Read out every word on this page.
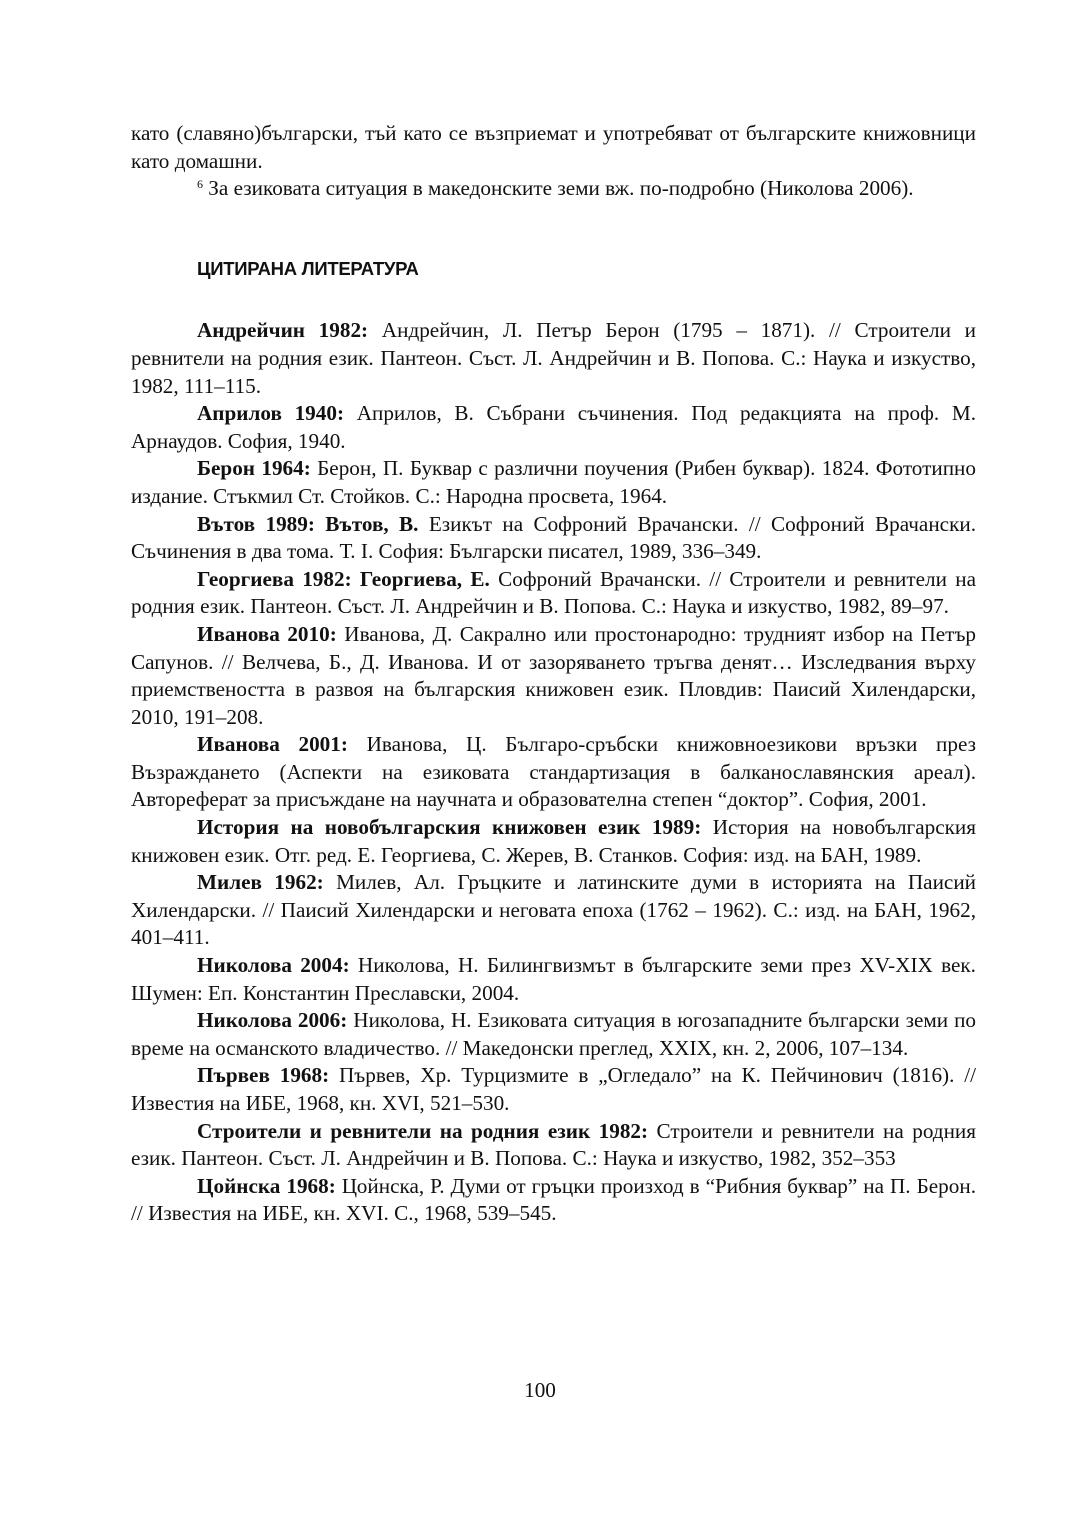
като (славяно)български, тъй като се възприемат и употребяват от българските книжовници като домашни.

$^6$ За езиковата ситуация в македонските земи вж. по-подробно (Николова 2006).

ЦИТИРАНА ЛИТЕРАТУРА

Андрейчин 1982: Андрейчин, Л. Петър Берон (1795 – 1871). // Строители и ревнители на родния език. Пантеон. Съст. Л. Андрейчин и В. Попова. С.: Наука и изкуство, 1982, 111–115.

Априлов 1940: Априлов, В. Събрани съчинения. Под редакцията на проф. М. Арнаудов. София, 1940.

Берон 1964: Берон, П. Буквар с различни поучения (Рибен буквар). 1824. Фототипно издание. Стъкмил Ст. Стойков. С.: Народна просвета, 1964.

Вътов 1989: Вътов, В. Езикът на Софроний Врачански. // Софроний Врачански. Съчинения в два тома. Т. I. София: Български писател, 1989, 336–349.

Георгиева 1982: Георгиева, Е. Софроний Врачански. // Строители и ревнители на родния език. Пантеон. Съст. Л. Андрейчин и В. Попова. С.: Наука и изкуство, 1982, 89–97.

Иванова 2010: Иванова, Д. Сакрално или простонародно: трудният избор на Петър Сапунов. // Велчева, Б., Д. Иванова. И от зазоряването тръгва денят… Изследвания върху приемствеността в развоя на българския книжовен език. Пловдив: Паисий Хилендарски, 2010, 191–208.

Иванова 2001: Иванова, Ц. Българо-сръбски книжовноезикови връзки през Възраждането (Аспекти на езиковата стандартизация в балканославянския ареал). Автореферат за присъждане на научната и образователна степен “доктор”. София, 2001.

История на новобългарския книжовен език 1989: История на новобългарския книжовен език. Отг. ред. Е. Георгиева, С. Жерев, В. Станков. София: изд. на БАН, 1989.

Милев 1962: Милев, Ал. Гръцките и латинските думи в историята на Паисий Хилендарски. // Паисий Хилендарски и неговата епоха (1762 – 1962). С.: изд. на БАН, 1962, 401–411.

Николова 2004: Николова, Н. Билингвизмът в българските земи през XV-XIX век. Шумен: Еп. Константин Преславски, 2004.

Николова 2006: Николова, Н. Езиковата ситуация в югозападните български земи по време на османското владичество. // Македонски преглед, XXIX, кн. 2, 2006, 107–134.

Първев 1968: Първев, Хр. Турцизмите в „Огледало” на К. Пейчинович (1816). // Известия на ИБЕ, 1968, кн. XVI, 521–530.

Строители и ревнители на родния език 1982: Строители и ревнители на родния език. Пантеон. Съст. Л. Андрейчин и В. Попова. С.: Наука и изкуство, 1982, 352–353

Цойнска 1968: Цойнска, Р. Думи от гръцки произход в “Рибния буквар” на П. Берон. // Известия на ИБЕ, кн. XVI. С., 1968, 539–545.

100
